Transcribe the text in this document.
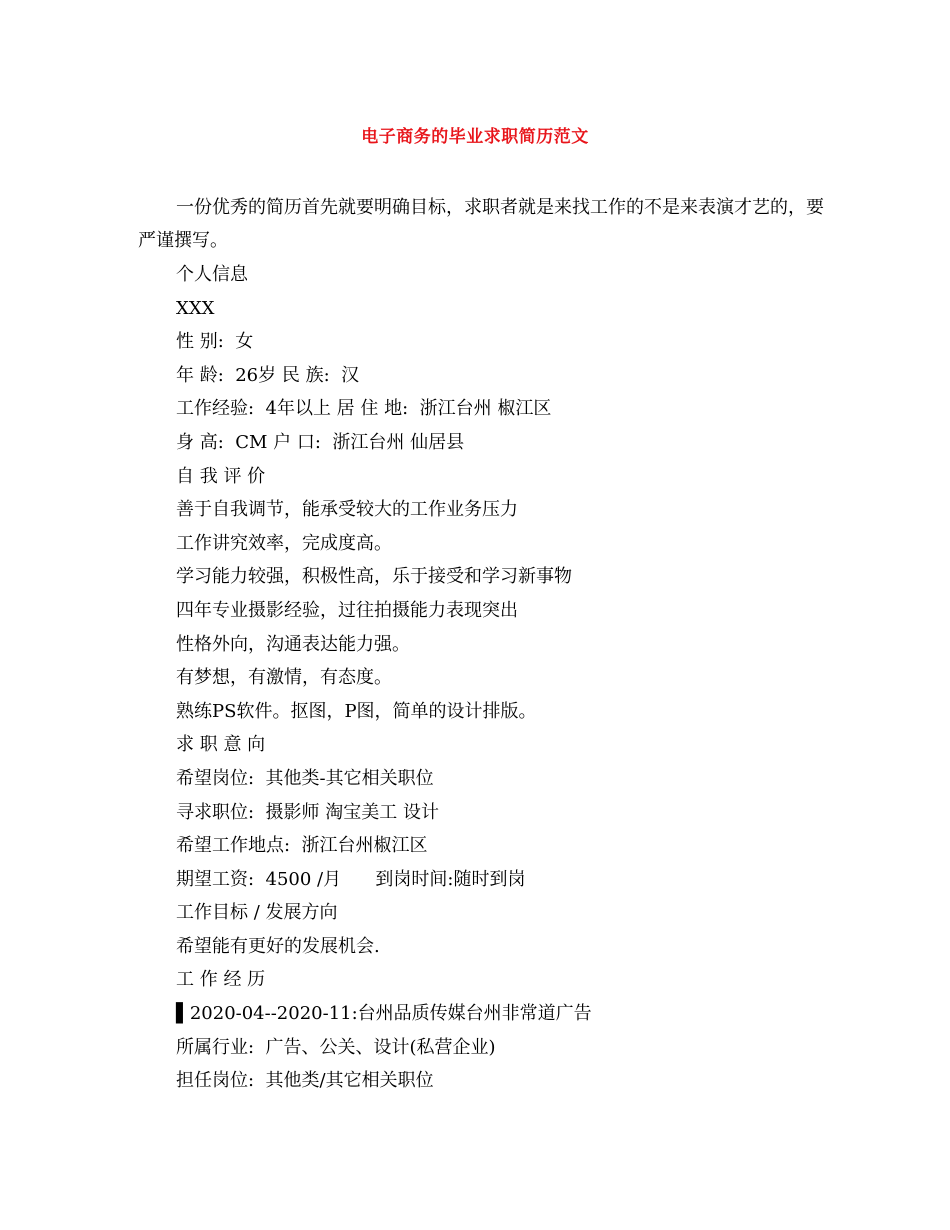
电子商务的毕业求职简历范文

一份优秀的简历首先就要明确目标，求职者就是来找工作的不是来表演才艺的，要严谨撰写。

个人信息
XXX
性 别:  女
年 龄:  26岁 民 族:  汉
工作经验:  4年以上 居 住 地:  浙江台州 椒江区
身 高:  CM 户 口:  浙江台州 仙居县
自 我 评 价
善于自我调节，能承受较大的工作业务压力
工作讲究效率，完成度高。
学习能力较强，积极性高，乐于接受和学习新事物
四年专业摄影经验，过往拍摄能力表现突出
性格外向，沟通表达能力强。
有梦想，有激情，有态度。
熟练PS软件。抠图，P图，简单的设计排版。
求 职 意 向
希望岗位:  其他类-其它相关职位
寻求职位:  摄影师 淘宝美工 设计
希望工作地点:  浙江台州椒江区
期望工资:  4500 /月      到岗时间:随时到岗
工作目标 / 发展方向
希望能有更好的发展机会.
工 作 经 历
▌2020-04--2020-11:台州品质传媒台州非常道广告
所属行业:  广告、公关、设计(私营企业)
担任岗位:  其他类/其它相关职位
